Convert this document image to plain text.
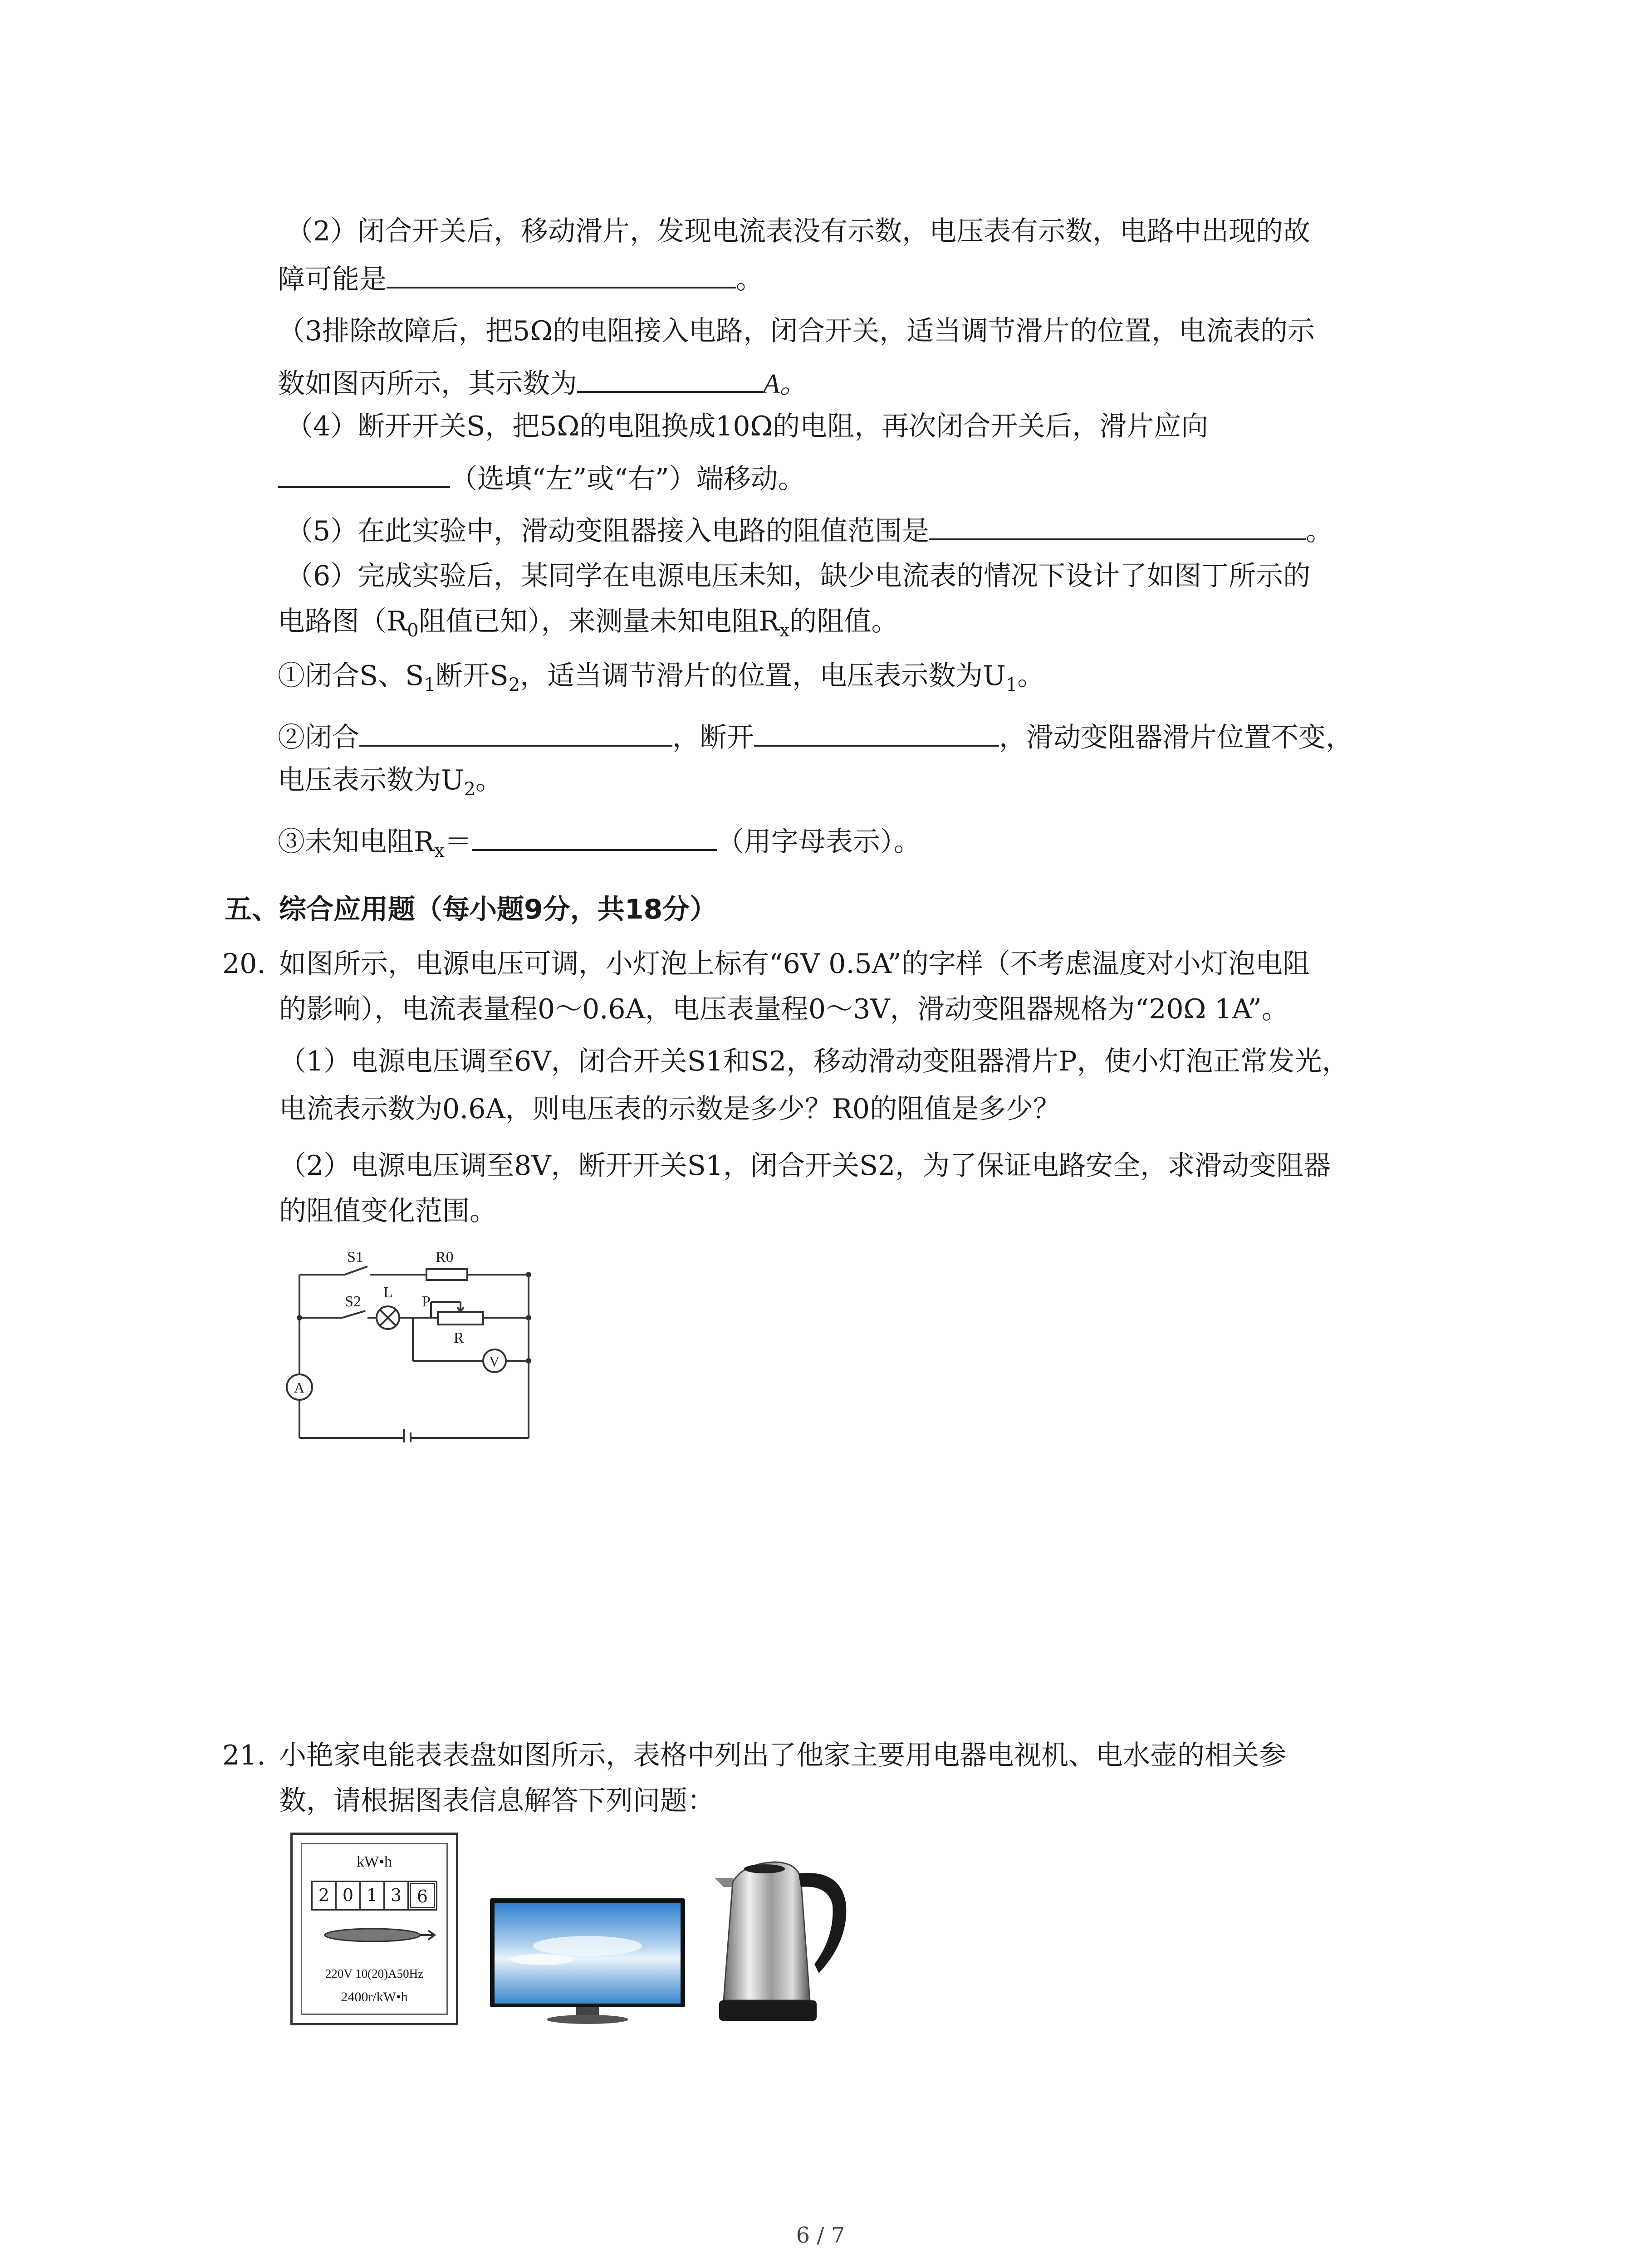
（2）闭合开关后，移动滑片，发现电流表没有示数，电压表有示数，电路中出现的故
障可能是	。
（3排除故障后，把5Ω的电阻接入电路，闭合开关，适当调节滑片的位置，电流表的示
数如图丙所示，其示数为	A。
（4）断开开关S，把5Ω的电阻换成10Ω的电阻，再次闭合开关后，滑片应向
（选填“左”或“右”）端移动。
（5）在此实验中，滑动变阻器接入电路的阻值范围是	。
（6）完成实验后，某同学在电源电压未知，缺少电流表的情况下设计了如图丁所示的
电路图（$R_0$阻值已知），来测量未知电阻$R_x$的阻值。
①闭合S、$S_1$断开$S_2$，适当调节滑片的位置，电压表示数为$U_1$。
②闭合	，断开	，滑动变阻器滑片位置不变，
电压表示数为$U_2$。
③未知电阻$R_x=$	（用字母表示）。
五、综合应用题（每小题9分，共18分）
20. 如图所示，电源电压可调，小灯泡上标有“6V 0.5A”的字样（不考虑温度对小灯泡电阻
的影响），电流表量程0～0.6A，电压表量程0～3V，滑动变阻器规格为“20Ω 1A”。
（1）电源电压调至6V，闭合开关S1和S2，移动滑动变阻器滑片P，使小灯泡正常发光，
电流表示数为0.6A，则电压表的示数是多少？R0的阻值是多少？
（2）电源电压调至8V，断开开关S1，闭合开关S2，为了保证电路安全，求滑动变阻器
的阻值变化范围。
S1	R0
S2
L
P
R
V
A
21. 小艳家电能表表盘如图所示，表格中列出了他家主要用电器电视机、电水壶的相关参
数，请根据图表信息解答下列问题：
kW•h
2 0 1 3 6
220V 10(20)A50Hz
2400r/kW•h
6 / 7
